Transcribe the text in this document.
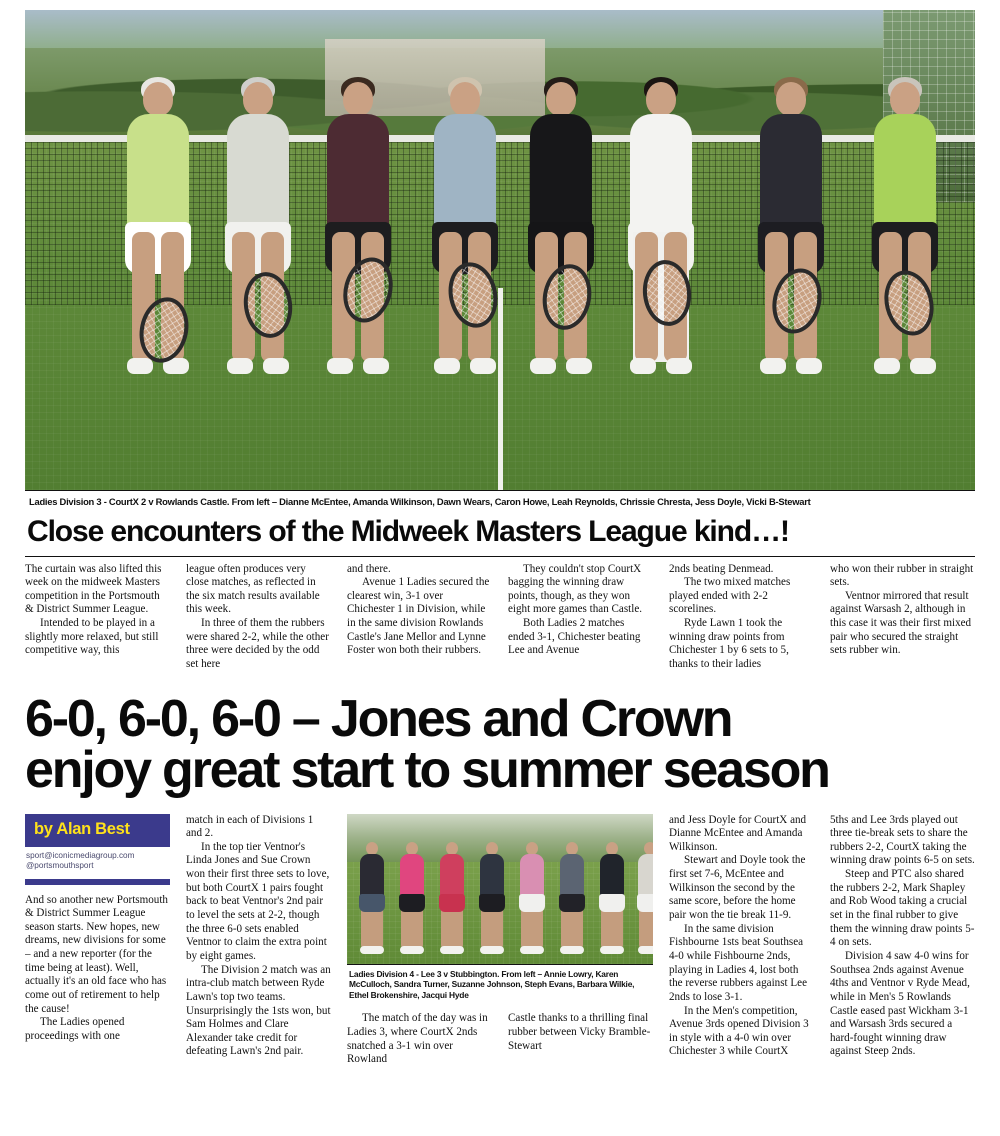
Ladies Division 3 - CourtX 2 v Rowlands Castle. From left – Dianne McEntee, Amanda Wilkinson, Dawn Wears, Caron Howe, Leah Reynolds, Chrissie Chresta, Jess Doyle, Vicki B-Stewart
Close encounters of the Midweek Masters League kind…!

The curtain was also lifted this week on the midweek Masters competition in the Portsmouth & District Summer League.

Intended to be played in a slightly more relaxed, but still competitive way, this

league often produces very close matches, as reflected in the six match results available this week.

In three of them the rubbers were shared 2-2, while the other three were decided by the odd set here

and there.

Avenue 1 Ladies secured the clearest win, 3-1 over Chichester 1 in Division, while in the same division Rowlands Castle's Jane Mellor and Lynne Foster won both their rubbers.

They couldn't stop CourtX bagging the winning draw points, though, as they won eight more games than Castle.

Both Ladies 2 matches ended 3-1, Chichester beating Lee and Avenue

2nds beating Denmead.

The two mixed matches played ended with 2-2 scorelines.

Ryde Lawn 1 took the winning draw points from Chichester 1 by 6 sets to 5, thanks to their ladies

who won their rubber in straight sets.

Ventnor mirrored that result against Warsash 2, although in this case it was their first mixed pair who secured the straight sets rubber win.

6-0, 6-0, 6-0 – Jones and Crown
enjoy great start to summer season
by Alan Best
sport@iconicmediagroup.com
@portsmouthsport

And so another new Portsmouth & District Summer League season starts. New hopes, new dreams, new divisions for some – and a new reporter (for the time being at least). Well, actually it's an old face who has come out of retirement to help the cause!

The Ladies opened proceedings with one

match in each of Divisions 1 and 2.

In the top tier Ventnor's Linda Jones and Sue Crown won their first three sets to love, but both CourtX 1 pairs fought back to beat Ventnor's 2nd pair to level the sets at 2-2, though the three 6-0 sets enabled Ventnor to claim the extra point by eight games.

The Division 2 match was an intra-club match between Ryde Lawn's top two teams. Unsurprisingly the 1sts won, but Sam Holmes and Clare Alexander take credit for defeating Lawn's 2nd pair.

Ladies Division 4 - Lee 3 v Stubbington. From left – Annie Lowry, Karen McCulloch, Sandra Turner, Suzanne Johnson, Steph Evans, Barbara Wilkie, Ethel Brokenshire, Jacqui Hyde

The match of the day was in Ladies 3, where CourtX 2nds snatched a 3-1 win over Rowland

Castle thanks to a thrilling final rubber between Vicky Bramble-Stewart

and Jess Doyle for CourtX and Dianne McEntee and Amanda Wilkinson.

Stewart and Doyle took the first set 7-6, McEntee and Wilkinson the second by the same score, before the home pair won the tie break 11-9.

In the same division Fishbourne 1sts beat Southsea 4-0 while Fishbourne 2nds, playing in Ladies 4, lost both the reverse rubbers against Lee 2nds to lose 3-1.

In the Men's competition, Avenue 3rds opened Division 3 in style with a 4-0 win over Chichester 3 while CourtX

5ths and Lee 3rds played out three tie-break sets to share the rubbers 2-2, CourtX taking the winning draw points 6-5 on sets.

Steep and PTC also shared the rubbers 2-2, Mark Shapley and Rob Wood taking a crucial set in the final rubber to give them the winning draw points 5-4 on sets.

Division 4 saw 4-0 wins for Southsea 2nds against Avenue 4ths and Ventnor v Ryde Mead, while in Men's 5 Rowlands Castle eased past Wickham 3-1 and Warsash 3rds secured a hard-fought winning draw against Steep 2nds.
